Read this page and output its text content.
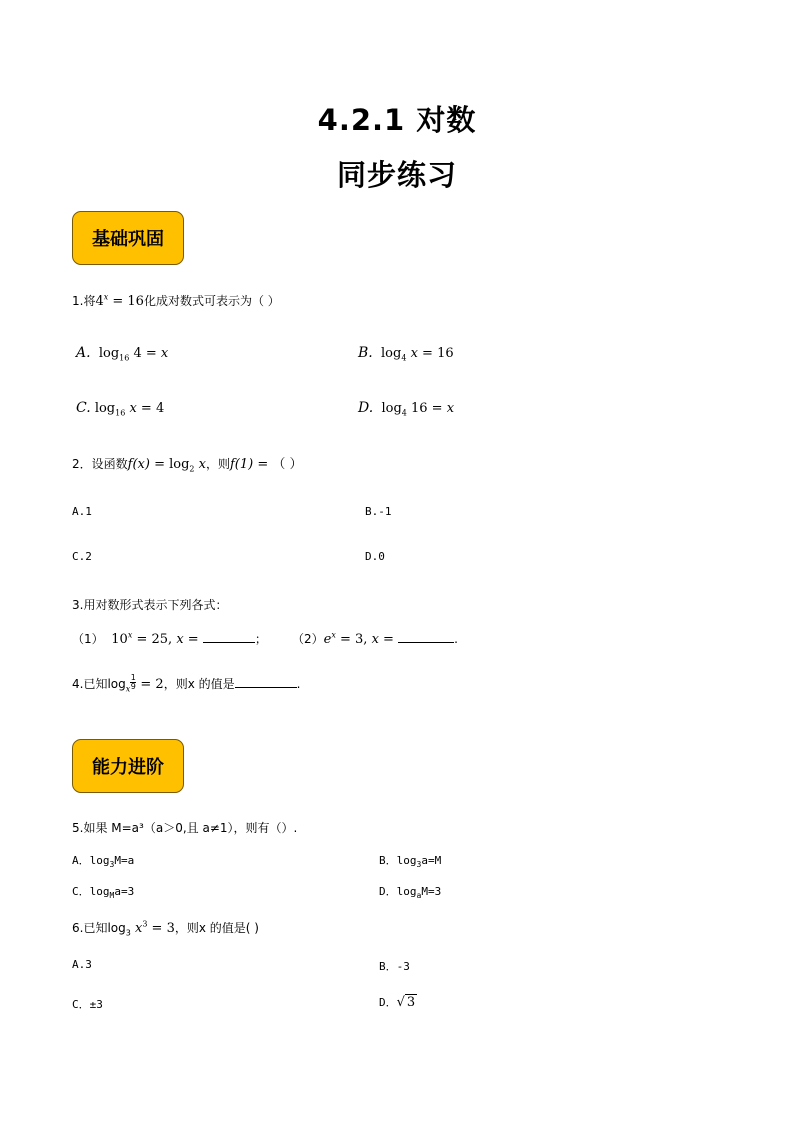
4.2.1 对数
同步练习
基础巩固
1.将$4^x = 16$化成对数式可表示为（ ）
A. $\log_{16} 4 = x$	B. $\log_4 x = 16$
C. $\log_{16} x = 4$	D. $\log_4 16 = x$
2．设函数$f(x) = \log_2 x$，则f(1) = （ ）
A.1	B.-1
C.2	D.0
3.用对数形式表示下列各式：
（1） $10^x = 25$, x =	； $(2)e^x = 3$, x =	.
4.已知$\log_x \frac{1}{9} = 2$，则x 的值是	.
能力进阶
5.如果 M=a³（a＞0,且 a≠1），则有（）.
A．$\log_3M=a$	B．$\log_3a=M$
C．$\log_Ma=3$	D．$\log_aM=3$
6.已知$\log_3 x^3 = 3$，则x 的值是( )
A.3	B．-3
C．±3	D．√ 3
